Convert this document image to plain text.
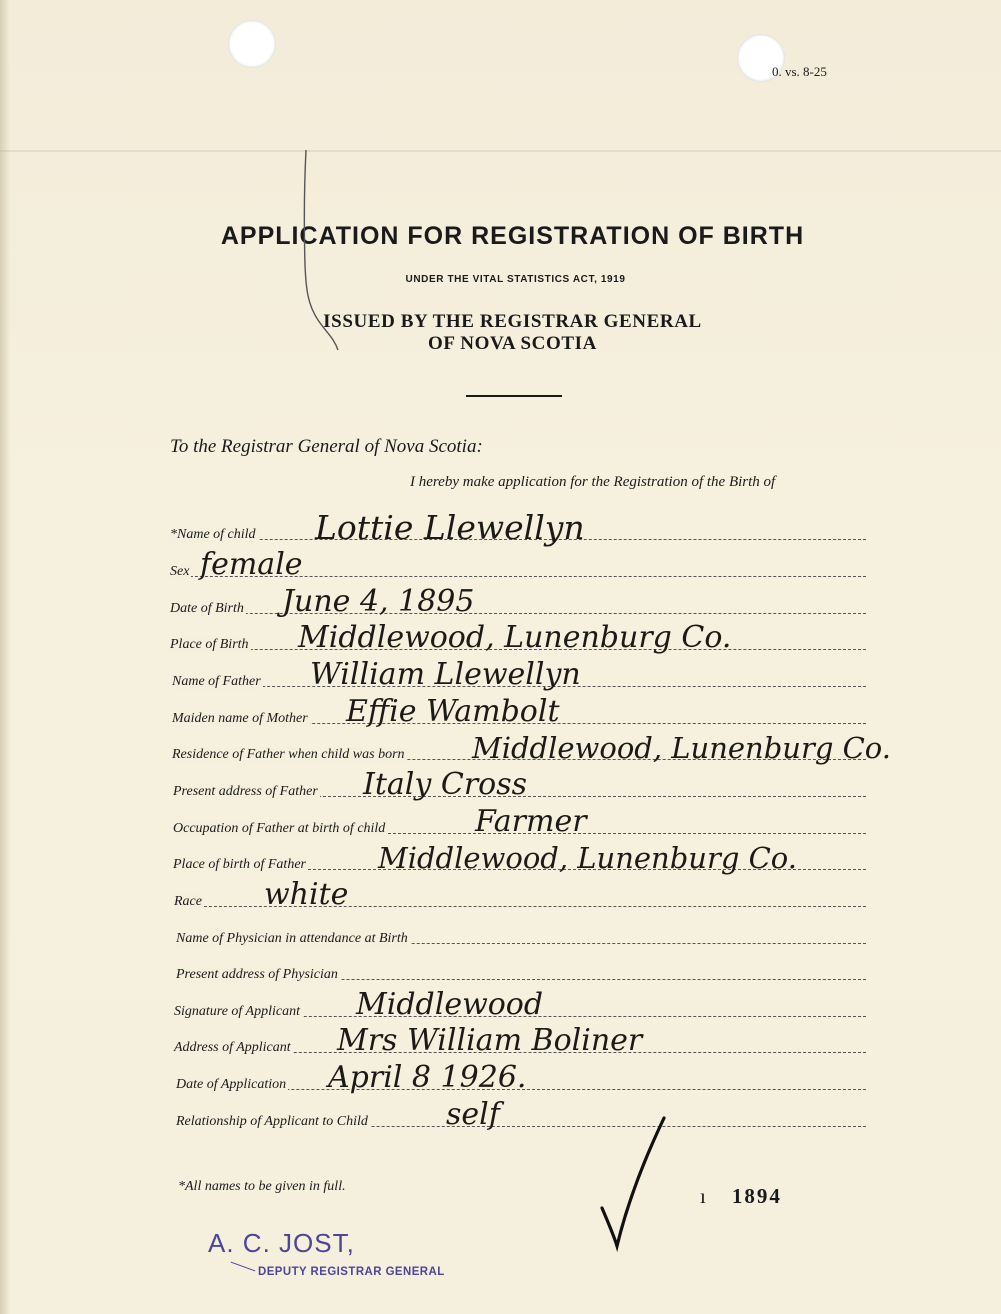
0. vs. 8-25
APPLICATION FOR REGISTRATION OF BIRTH
UNDER THE VITAL STATISTICS ACT, 1919
ISSUED BY THE REGISTRAR GENERAL
OF NOVA SCOTIA
To the Registrar General of Nova Scotia:
I hereby make application for the Registration of the Birth of
*Name of child Lottie Llewellyn
Sex female
Date of Birth June 4, 1895
Place of Birth Middlewood, Lunenburg Co.
Name of Father William Llewellyn
Maiden name of Mother Effie Wambolt
Residence of Father when child was born Middlewood, Lunenburg Co.
Present address of Father Italy Cross
Occupation of Father at birth of child	Farmer
Place of birth of Father Middlewood, Lunenburg Co.
Race white
Name of Physician in attendance at Birth
Present address of Physician
Signature of Applicant Middlewood
Address of Applicant Mrs William Boliner
Date of Application April 8 1926.
Relationship of Applicant to Child	self
*All names to be given in full.	ı 1894
A. C. JOST,
DEPUTY REGISTRAR GENERAL
